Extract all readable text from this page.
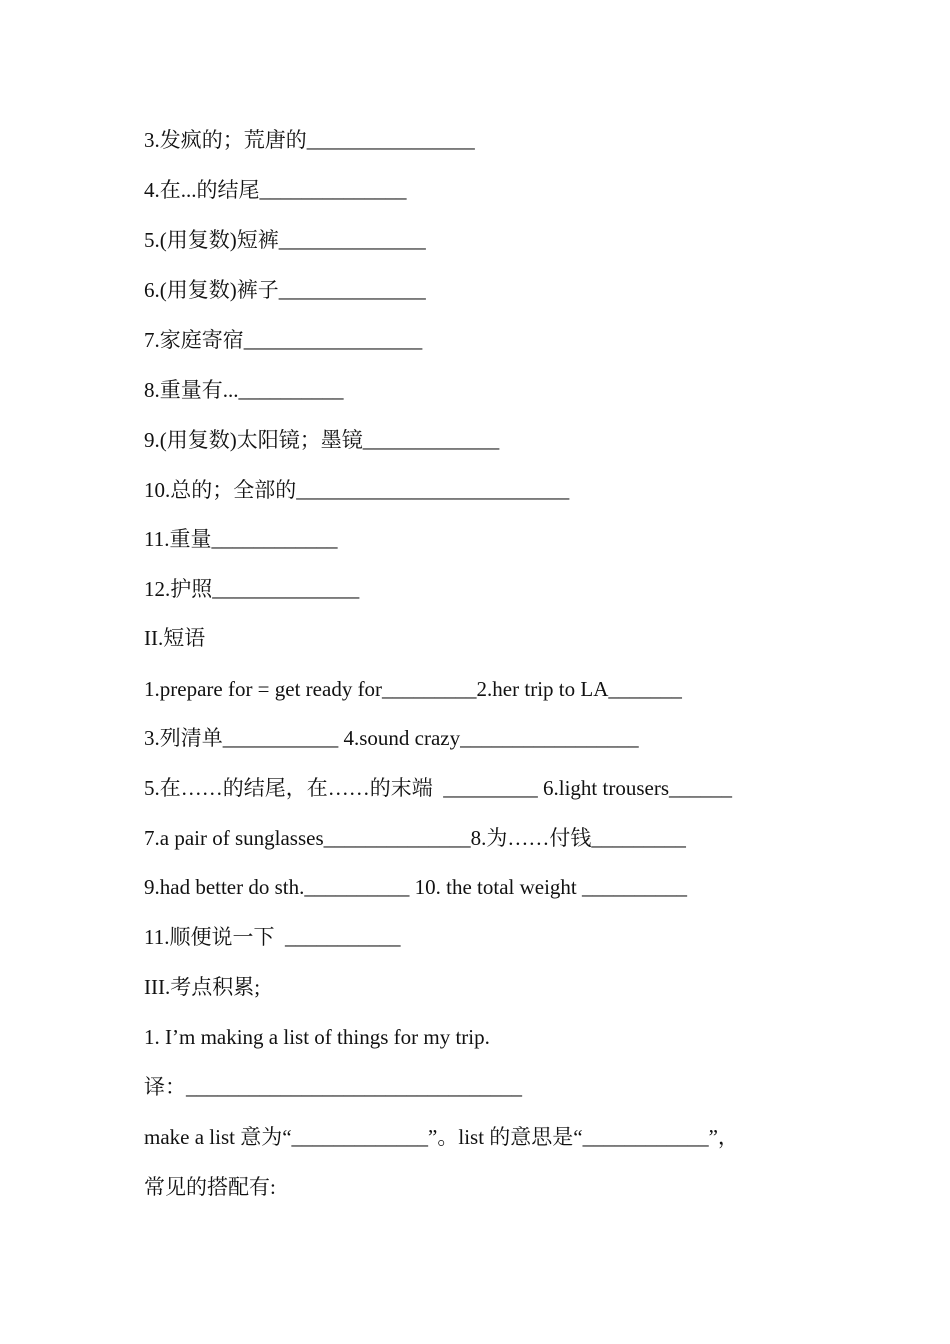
3.发疯的；荒唐的________________
4.在...的结尾______________
5.(用复数)短裤______________
6.(用复数)裤子______________
7.家庭寄宿_________________
8.重量有...__________
9.(用复数)太阳镜；墨镜_____________
10.总的；全部的__________________________
11.重量____________
12.护照______________
II.短语
1.prepare for = get ready for_________2.her trip to LA_______
3.列清单___________ 4.sound crazy_________________
5.在……的结尾，在……的末端  _________ 6.light trousers______
7.a pair of sunglasses______________8.为……付钱_________
9.had better do sth.__________ 10. the total weight __________
11.顺便说一下  ___________
III.考点积累;
1. I’m making a list of things for my trip.
译：________________________________
make a list 意为“_____________”。list 的意思是“____________”，
常见的搭配有:
